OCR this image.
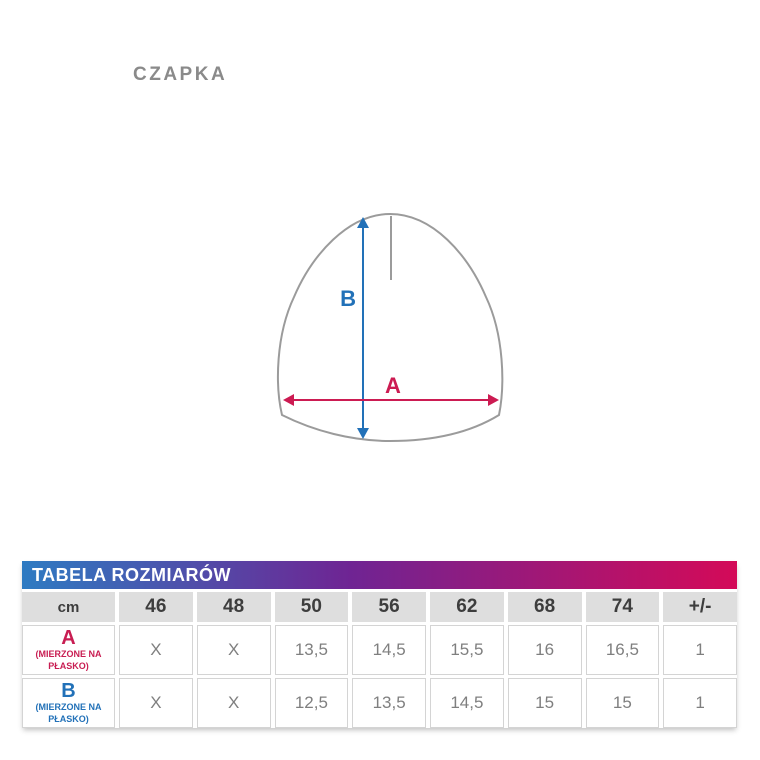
CZAPKA
B
A
TABELA ROZMIARÓW
cm	46	48	50	56	62	68	74	+/-
A
(MIERZONE NA PŁASKO)
X	X	13,5	14,5	15,5	16	16,5	1
B
(MIERZONE NA PŁASKO)
X	X	12,5	13,5	14,5	15	15	1
